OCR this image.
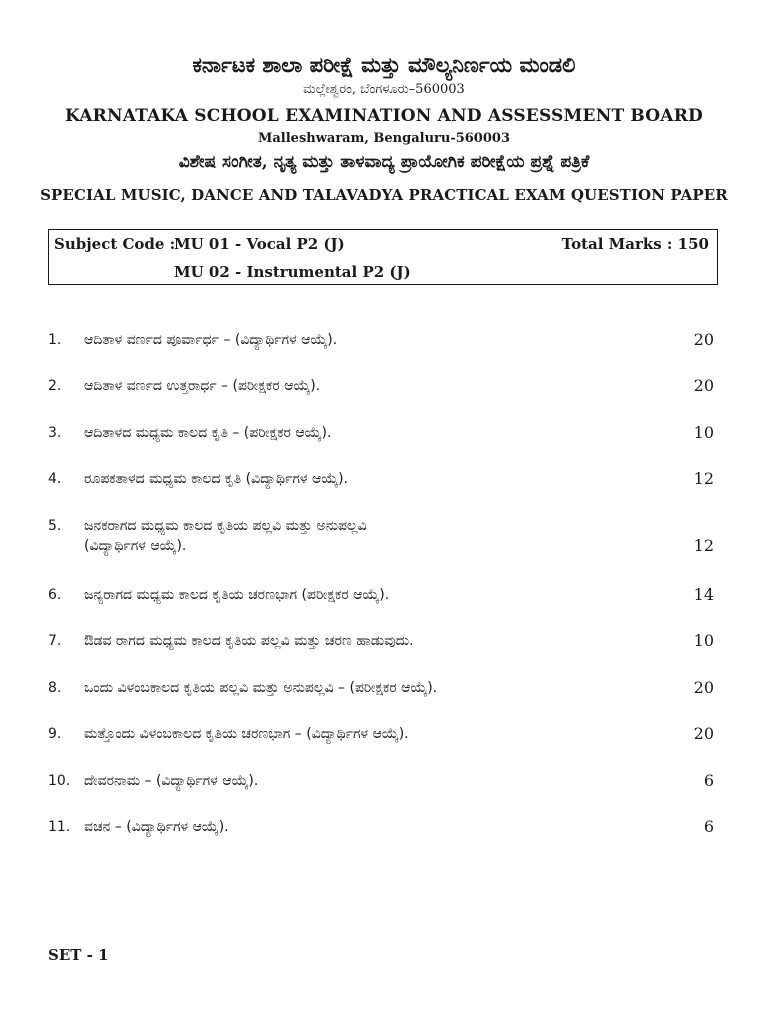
ಕರ್ನಾಟಕ ಶಾಲಾ ಪರೀಕ್ಷೆ ಮತ್ತು ಮೌಲ್ಯನಿರ್ಣಯ ಮಂಡಲಿ
ಮಲ್ಲೇಶ್ವರಂ, ಬೆಂಗಳೂರು–560003
KARNATAKA SCHOOL EXAMINATION AND ASSESSMENT BOARD
Malleshwaram, Bengaluru-560003
ವಿಶೇಷ ಸಂಗೀತ, ನೃತ್ಯ ಮತ್ತು ತಾಳವಾದ್ಯ ಪ್ರಾಯೋಗಿಕ ಪರೀಕ್ಷೆಯ ಪ್ರಶ್ನೆ ಪತ್ರಿಕೆ
SPECIAL MUSIC, DANCE AND TALAVADYA PRACTICAL EXAM QUESTION PAPER
Subject Code :
MU 01 - Vocal P2 (J)
MU 02 - Instrumental P2 (J)
Total Marks : 150
1. ಆದಿತಾಳ ವರ್ಣದ ಪೂರ್ವಾರ್ಧ – (ವಿದ್ಯಾರ್ಥಿಗಳ ಆಯ್ಕೆ).	20
2. ಆದಿತಾಳ ವರ್ಣದ ಉತ್ತರಾರ್ಧ – (ಪರೀಕ್ಷಕರ ಆಯ್ಕೆ).	20
3. ಆದಿತಾಳದ ಮಧ್ಯಮ ಕಾಲದ ಕೃತಿ – (ಪರೀಕ್ಷಕರ ಆಯ್ಕೆ).	10
4. ರೂಪಕತಾಳದ ಮಧ್ಯಮ ಕಾಲದ ಕೃತಿ (ವಿದ್ಯಾರ್ಥಿಗಳ ಆಯ್ಕೆ).	12
5. ಜನಕರಾಗದ ಮಧ್ಯಮ ಕಾಲದ ಕೃತಿಯ ಪಲ್ಲವಿ ಮತ್ತು ಅನುಪಲ್ಲವಿ
(ವಿದ್ಯಾರ್ಥಿಗಳ ಆಯ್ಕೆ).	12
6. ಜನ್ಯರಾಗದ ಮಧ್ಯಮ ಕಾಲದ ಕೃತಿಯ ಚರಣಭಾಗ (ಪರೀಕ್ಷಕರ ಆಯ್ಕೆ).	14
7. ಔಡವ ರಾಗದ ಮಧ್ಯಮ ಕಾಲದ ಕೃತಿಯ ಪಲ್ಲವಿ ಮತ್ತು ಚರಣ ಹಾಡುವುದು.	10
8. ಒಂದು ವಿಳಂಬಕಾಲದ ಕೃತಿಯ ಪಲ್ಲವಿ ಮತ್ತು ಅನುಪಲ್ಲವಿ – (ಪರೀಕ್ಷಕರ ಆಯ್ಕೆ).	20
9. ಮತ್ತೊಂದು ವಿಳಂಬಕಾಲದ ಕೃತಿಯ ಚರಣಭಾಗ – (ವಿದ್ಯಾರ್ಥಿಗಳ ಆಯ್ಕೆ).	20
10. ದೇವರನಾಮ – (ವಿದ್ಯಾರ್ಥಿಗಳ ಆಯ್ಕೆ).	6
11. ವಚನ – (ವಿದ್ಯಾರ್ಥಿಗಳ ಆಯ್ಕೆ).	6
SET - 1
